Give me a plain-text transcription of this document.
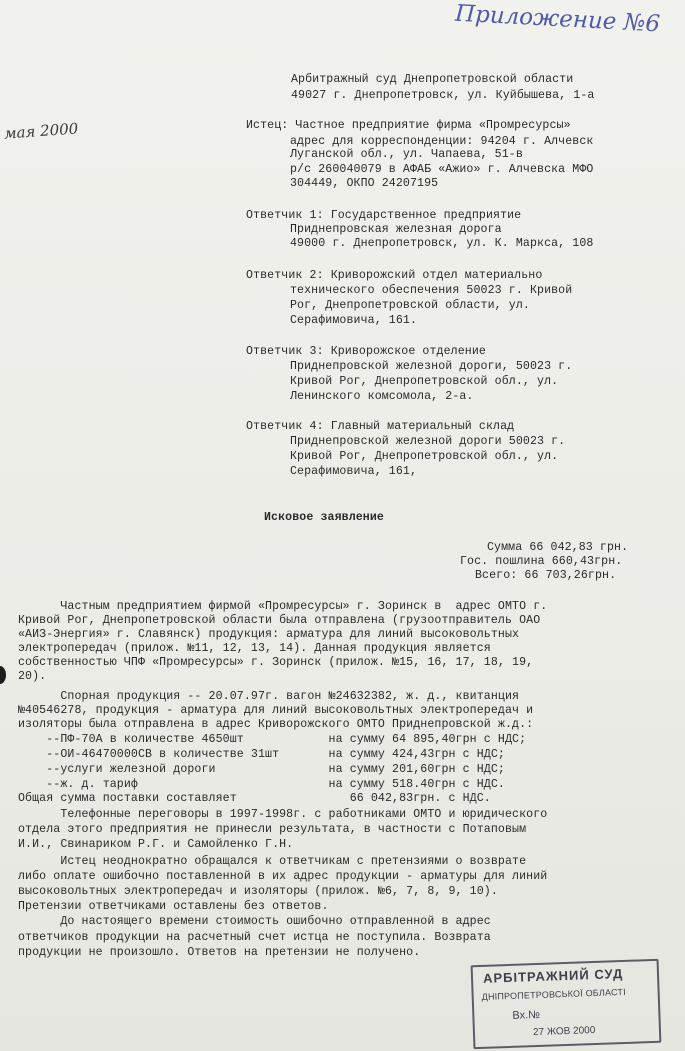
Приложение №6
мая 2000
Арбитражный суд Днепропетровской области
49027 г. Днепропетровск, ул. Куйбышева, 1-а
Истец: Частное предприятие фирма «Промресурсы»
адрес для корреспонденции: 94204 г. Алчевск
Луганской обл., ул. Чапаева, 51-в
р/с 260040079 в АФАБ «Ажио» г. Алчевска МФО
304449, ОКПО 24207195
Ответчик 1: Государственное предприятие
Приднепровская железная дорога
49000 г. Днепропетровск, ул. К. Маркса, 108
Ответчик 2: Криворожский отдел материально
технического обеспечения 50023 г. Кривой
Рог, Днепропетровской области, ул.
Серафимовича, 161.
Ответчик 3: Криворожское отделение
Приднепровской железной дороги, 50023 г.
Кривой Рог, Днепропетровской обл., ул.
Ленинского комсомола, 2-а.
Ответчик 4: Главный материальный склад
Приднепровской железной дороги 50023 г.
Кривой Рог, Днепропетровской обл., ул.
Серафимовича, 161,
Исковое заявление
Сумма 66 042,83 грн.
Гос. пошлина 660,43грн.
Всего: 66 703,26грн.
Частным предприятием фирмой «Промресурсы» г. Зоринск в  адрес ОМТО г.
Кривой Рог, Днепропетровской области была отправлена (грузоотправитель ОАО
«АИЗ-Энергия» г. Славянск) продукция: арматура для линий высоковольтных
электропередач (прилож. №11, 12, 13, 14). Данная продукция является
собственностью ЧПФ «Промресурсы» г. Зоринск (прилож. №15, 16, 17, 18, 19,
20).
Спорная продукция -- 20.07.97г. вагон №24632382, ж. д., квитанция
№40546278, продукция - арматура для линий высоковольтных электропередач и
изоляторы была отправлена в адрес Криворожского ОМТО Приднепровской ж.д.:
--ПФ-70А в количестве 4650шт            на сумму 64 895,40грн с НДС;
--ОИ-46470000СВ в количестве 31шт       на сумму 424,43грн с НДС;
--услуги железной дороги                на сумму 201,60грн с НДС;
--ж. д. тариф                           на сумму 518.40грн с НДС.
Общая сумма поставки составляет                66 042,83грн. с НДС.
Телефонные переговоры в 1997-1998г. с работниками ОМТО и юридического
отдела этого предприятия не принесли результата, в частности с Потаповым
И.И., Свинариком Р.Г. и Самойленко Г.Н.
Истец неоднократно обращался к ответчикам с претензиями о возврате
либо оплате ошибочно поставленной в их адрес продукции - арматуры для линий
высоковольтных электропередач и изоляторы (прилож. №6, 7, 8, 9, 10).
Претензии ответчиками оставлены без ответов.
До настоящего времени стоимость ошибочно отправленной в адрес
ответчиков продукции на расчетный счет истца не поступила. Возврата
продукции не произошло. Ответов на претензии не получено.
АРБІТРАЖНИЙ СУД
ДНІПРОПЕТРОВСЬКОЇ ОБЛАСТІ
Вх.№
27 ЖОВ 2000
